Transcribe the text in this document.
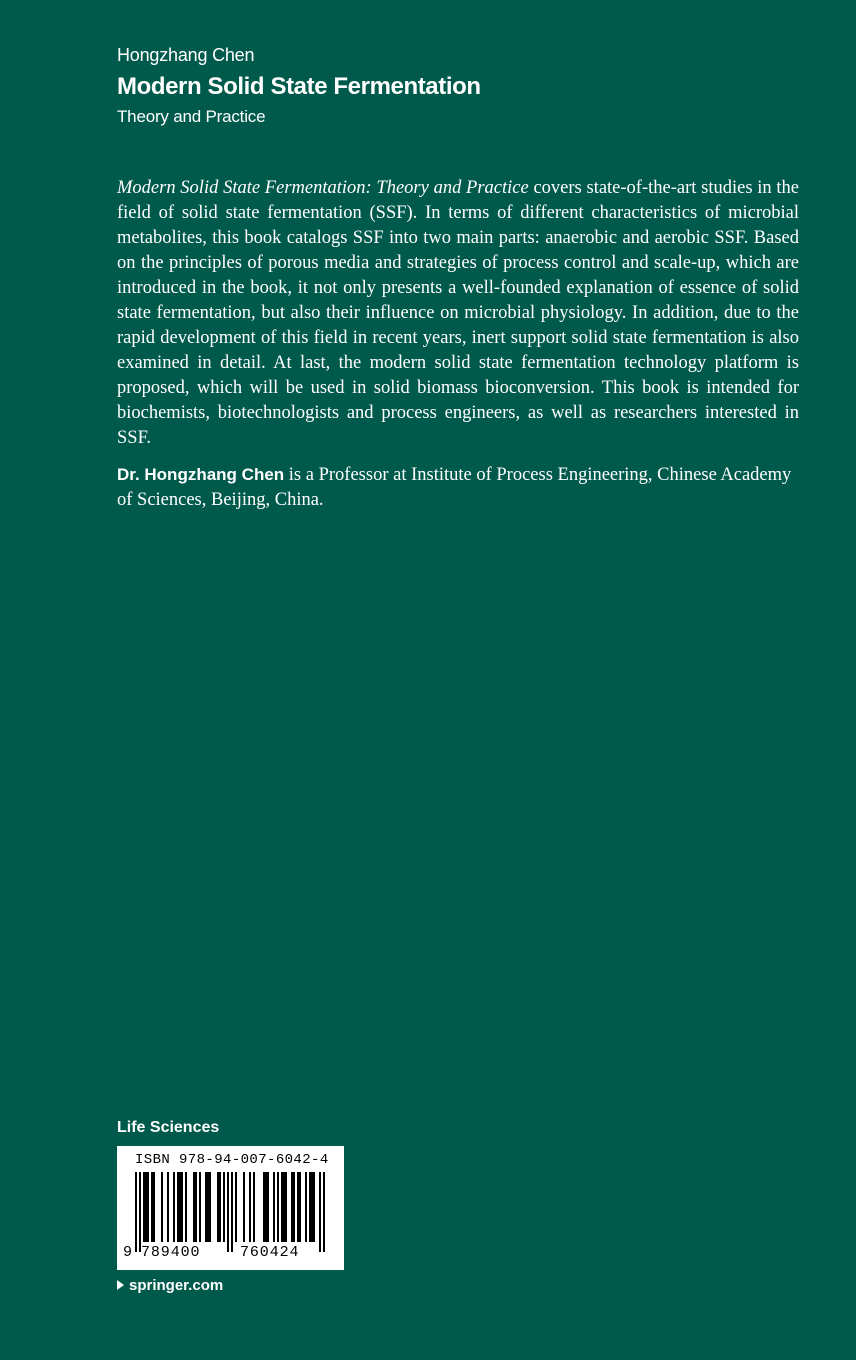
Hongzhang Chen
Modern Solid State Fermentation
Theory and Practice

Modern Solid State Fermentation: Theory and Practice covers state-of-the-art studies in the field of solid state fermentation (SSF). In terms of different characteristics of microbial metabolites, this book catalogs SSF into two main parts: anaerobic and aerobic SSF. Based on the principles of porous media and strategies of process control and scale-up, which are introduced in the book, it not only presents a well-founded explanation of essence of solid state fermentation, but also their influence on microbial physiology. In addition, due to the rapid development of this field in recent years, inert support solid state fermentation is also examined in detail. At last, the modern solid state fermentation technology platform is proposed, which will be used in solid biomass bioconversion. This book is intended for biochemists, biotechnologists and process engineers, as well as researchers interested in SSF.

Dr. Hongzhang Chen is a Professor at Institute of Process Engineering, Chinese Academy of Sciences, Beijing, China.

Life Sciences
ISBN 978-94-007-6042-4
9 789400	760424
springer.com
